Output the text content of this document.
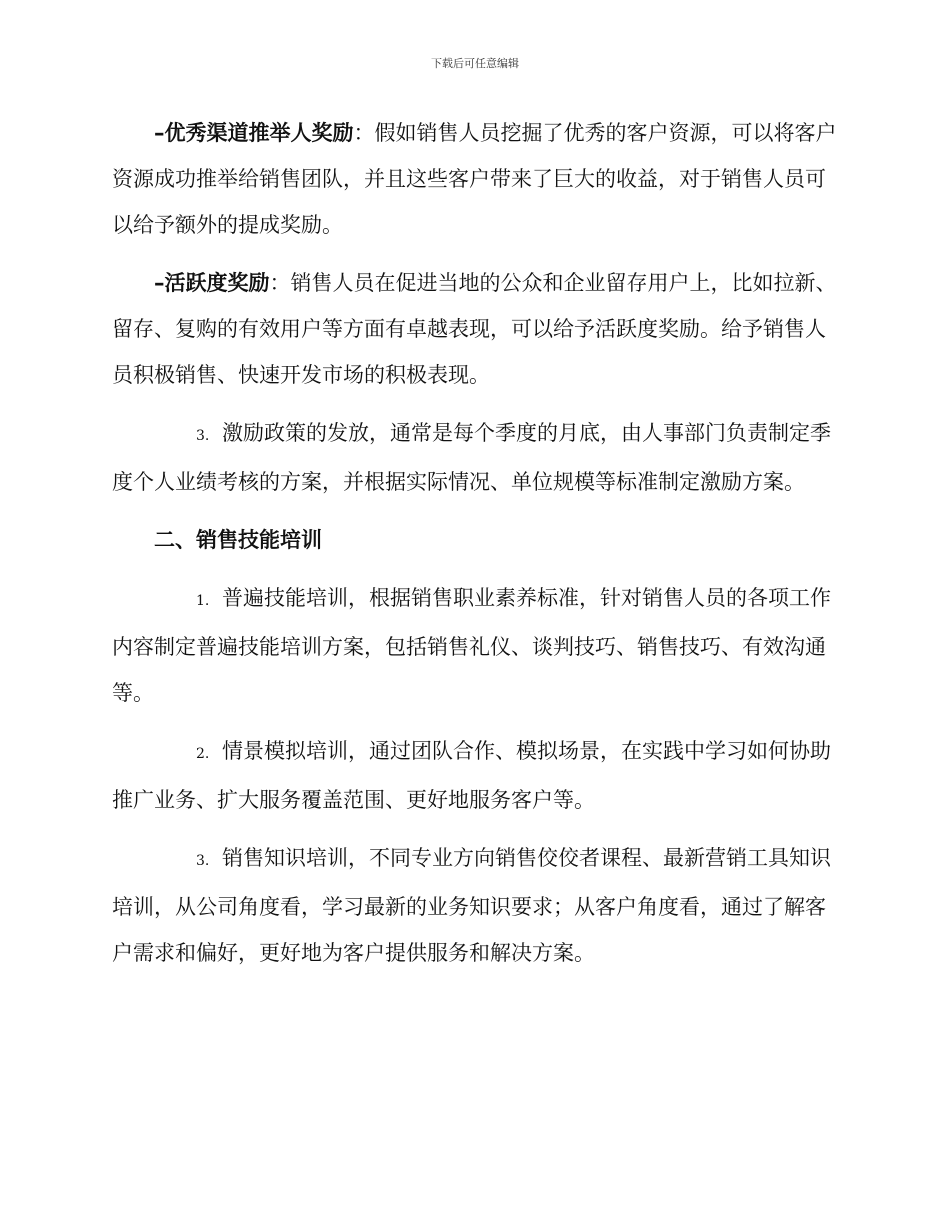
下载后可任意编辑

–优秀渠道推举人奖励：假如销售人员挖掘了优秀的客户资源，可以将客户资源成功推举给销售团队，并且这些客户带来了巨大的收益，对于销售人员可以给予额外的提成奖励。

–活跃度奖励：销售人员在促进当地的公众和企业留存用户上，比如拉新、留存、复购的有效用户等方面有卓越表现，可以给予活跃度奖励。给予销售人员积极销售、快速开发市场的积极表现。

3. 激励政策的发放，通常是每个季度的月底，由人事部门负责制定季度个人业绩考核的方案，并根据实际情况、单位规模等标准制定激励方案。

二、销售技能培训

1. 普遍技能培训，根据销售职业素养标准，针对销售人员的各项工作内容制定普遍技能培训方案，包括销售礼仪、谈判技巧、销售技巧、有效沟通等。

2. 情景模拟培训，通过团队合作、模拟场景，在实践中学习如何协助推广业务、扩大服务覆盖范围、更好地服务客户等。

3. 销售知识培训，不同专业方向销售佼佼者课程、最新营销工具知识培训，从公司角度看，学习最新的业务知识要求；从客户角度看，通过了解客户需求和偏好，更好地为客户提供服务和解决方案。
